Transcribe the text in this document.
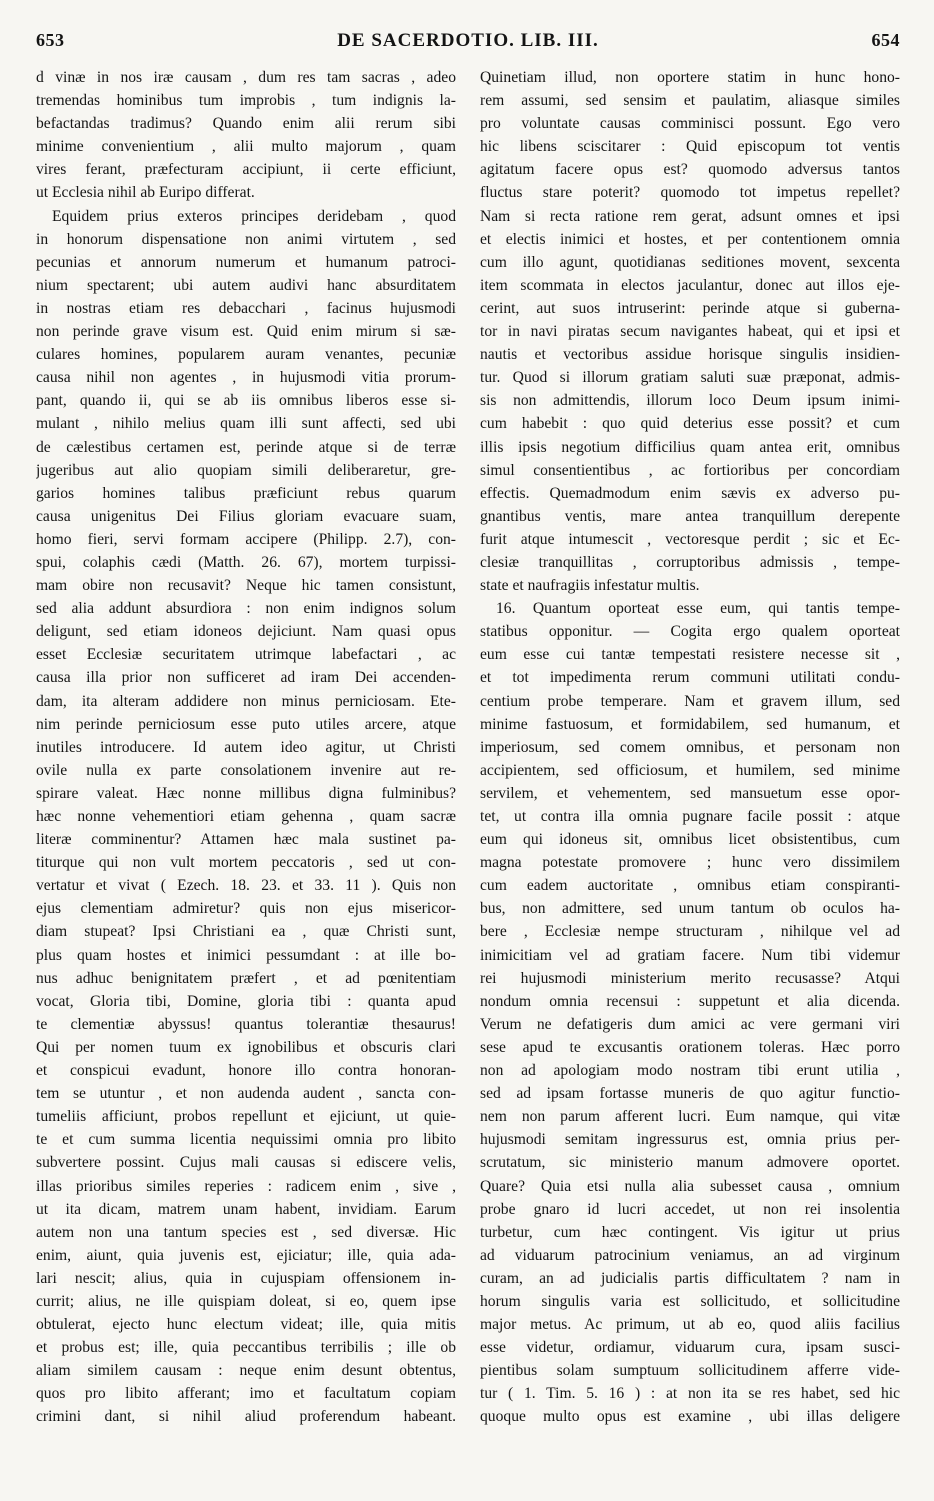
653	DE SACERDOTIO. LIB. III.	654
d vinæ in nos iræ causam , dum res tam sacras , adeo
tremendas hominibus tum improbis , tum indignis la-
befactandas tradimus? Quando enim alii rerum sibi
minime convenientium , alii multo majorum , quam
vires ferant, præfecturam accipiunt, ii certe efficiunt,
ut Ecclesia nihil ab Euripo differat.
Equidem prius exteros principes deridebam , quod
in honorum dispensatione non animi virtutem , sed
pecunias et annorum numerum et humanum patroci-
nium spectarent; ubi autem audivi hanc absurditatem
in nostras etiam res debacchari , facinus hujusmodi
non perinde grave visum est. Quid enim mirum si sæ-
culares homines, popularem auram venantes, pecuniæ
causa nihil non agentes , in hujusmodi vitia prorum-
pant, quando ii, qui se ab iis omnibus liberos esse si-
mulant , nihilo melius quam illi sunt affecti, sed ubi
de cælestibus certamen est, perinde atque si de terræ
jugeribus aut alio quopiam simili deliberaretur, gre-
garios homines talibus præficiunt rebus quarum
causa unigenitus Dei Filius gloriam evacuare suam,
homo fieri, servi formam accipere (Philipp. 2.7), con-
spui, colaphis cædi (Matth. 26. 67), mortem turpissi-
mam obire non recusavit? Neque hic tamen consistunt,
sed alia addunt absurdiora : non enim indignos solum
deligunt, sed etiam idoneos dejiciunt. Nam quasi opus
esset Ecclesiæ securitatem utrimque labefactari , ac
causa illa prior non sufficeret ad iram Dei accenden-
dam, ita alteram addidere non minus perniciosam. Ete-
nim perinde perniciosum esse puto utiles arcere, atque
inutiles introducere. Id autem ideo agitur, ut Christi
ovile nulla ex parte consolationem invenire aut re-
spirare valeat. Hæc nonne millibus digna fulminibus?
hæc nonne vehementiori etiam gehenna , quam sacræ
literæ comminentur? Attamen hæc mala sustinet pa-
titurque qui non vult mortem peccatoris , sed ut con-
vertatur et vivat ( Ezech. 18. 23. et 33. 11 ). Quis non
ejus clementiam admiretur? quis non ejus misericor-
diam stupeat? Ipsi Christiani ea , quæ Christi sunt,
plus quam hostes et inimici pessumdant : at ille bo-
nus adhuc benignitatem præfert , et ad pœnitentiam
vocat, Gloria tibi, Domine, gloria tibi : quanta apud
te clementiæ abyssus! quantus tolerantiæ thesaurus!
Qui per nomen tuum ex ignobilibus et obscuris clari
et conspicui evadunt, honore illo contra honoran-
tem se utuntur , et non audenda audent , sancta con-
tumeliis afficiunt, probos repellunt et ejiciunt, ut quie-
te et cum summa licentia nequissimi omnia pro libito
subvertere possint. Cujus mali causas si ediscere velis,
illas prioribus similes reperies : radicem enim , sive ,
ut ita dicam, matrem unam habent, invidiam. Earum
autem non una tantum species est , sed diversæ. Hic
enim, aiunt, quia juvenis est, ejiciatur; ille, quia ada-
lari nescit; alius, quia in cujuspiam offensionem in-
currit; alius, ne ille quispiam doleat, si eo, quem ipse
obtulerat, ejecto hunc electum videat; ille, quia mitis
et probus est; ille, quia peccantibus terribilis ; ille ob
aliam similem causam : neque enim desunt obtentus,
quos pro libito afferant; imo et facultatum copiam
crimini dant, si nihil aliud proferendum habeant.
Quinetiam illud, non oportere statim in hunc hono-
rem assumi, sed sensim et paulatim, aliasque similes
pro voluntate causas comminisci possunt. Ego vero
hic libens sciscitarer : Quid episcopum tot ventis
agitatum facere opus est? quomodo adversus tantos
fluctus stare poterit? quomodo tot impetus repellet?
Nam si recta ratione rem gerat, adsunt omnes et ipsi
et electis inimici et hostes, et per contentionem omnia
cum illo agunt, quotidianas seditiones movent, sexcenta
item scommata in electos jaculantur, donec aut illos eje-
cerint, aut suos intruserint: perinde atque si guberna-
tor in navi piratas secum navigantes habeat, qui et ipsi et
nautis et vectoribus assidue horisque singulis insidien-
tur. Quod si illorum gratiam saluti suæ præponat, admis-
sis non admittendis, illorum loco Deum ipsum inimi-
cum habebit : quo quid deterius esse possit? et cum
illis ipsis negotium difficilius quam antea erit, omnibus
simul consentientibus , ac fortioribus per concordiam
effectis. Quemadmodum enim sævis ex adverso pu-
gnantibus ventis, mare antea tranquillum derepente
furit atque intumescit , vectoresque perdit ; sic et Ec-
clesiæ tranquillitas , corruptoribus admissis , tempe-
state et naufragiis infestatur multis.
16. Quantum oporteat esse eum, qui tantis tempe-
statibus opponitur. — Cogita ergo qualem oporteat
eum esse cui tantæ tempestati resistere necesse sit ,
et tot impedimenta rerum communi utilitati condu-
centium probe temperare. Nam et gravem illum, sed
minime fastuosum, et formidabilem, sed humanum, et
imperiosum, sed comem omnibus, et personam non
accipientem, sed officiosum, et humilem, sed minime
servilem, et vehementem, sed mansuetum esse opor-
tet, ut contra illa omnia pugnare facile possit : atque
eum qui idoneus sit, omnibus licet obsistentibus, cum
magna potestate promovere ; hunc vero dissimilem
cum eadem auctoritate , omnibus etiam conspiranti-
bus, non admittere, sed unum tantum ob oculos ha-
bere , Ecclesiæ nempe structuram , nihilque vel ad
inimicitiam vel ad gratiam facere. Num tibi videmur
rei hujusmodi ministerium merito recusasse? Atqui
nondum omnia recensui : suppetunt et alia dicenda.
Verum ne defatigeris dum amici ac vere germani viri
sese apud te excusantis orationem toleras. Hæc porro
non ad apologiam modo nostram tibi erunt utilia ,
sed ad ipsam fortasse muneris de quo agitur functio-
nem non parum afferent lucri. Eum namque, qui vitæ
hujusmodi semitam ingressurus est, omnia prius per-
scrutatum, sic ministerio manum admovere oportet.
Quare? Quia etsi nulla alia subesset causa , omnium
probe gnaro id lucri accedet, ut non rei insolentia
turbetur, cum hæc contingent. Vis igitur ut prius
ad viduarum patrocinium veniamus, an ad virginum
curam, an ad judicialis partis difficultatem ? nam in
horum singulis varia est sollicitudo, et sollicitudine
major metus. Ac primum, ut ab eo, quod aliis facilius
esse videtur, ordiamur, viduarum cura, ipsam susci-
pientibus solam sumptuum sollicitudinem afferre vide-
tur ( 1. Tim. 5. 16 ) : at non ita se res habet, sed hic
quoque multo opus est examine , ubi illas deligere
